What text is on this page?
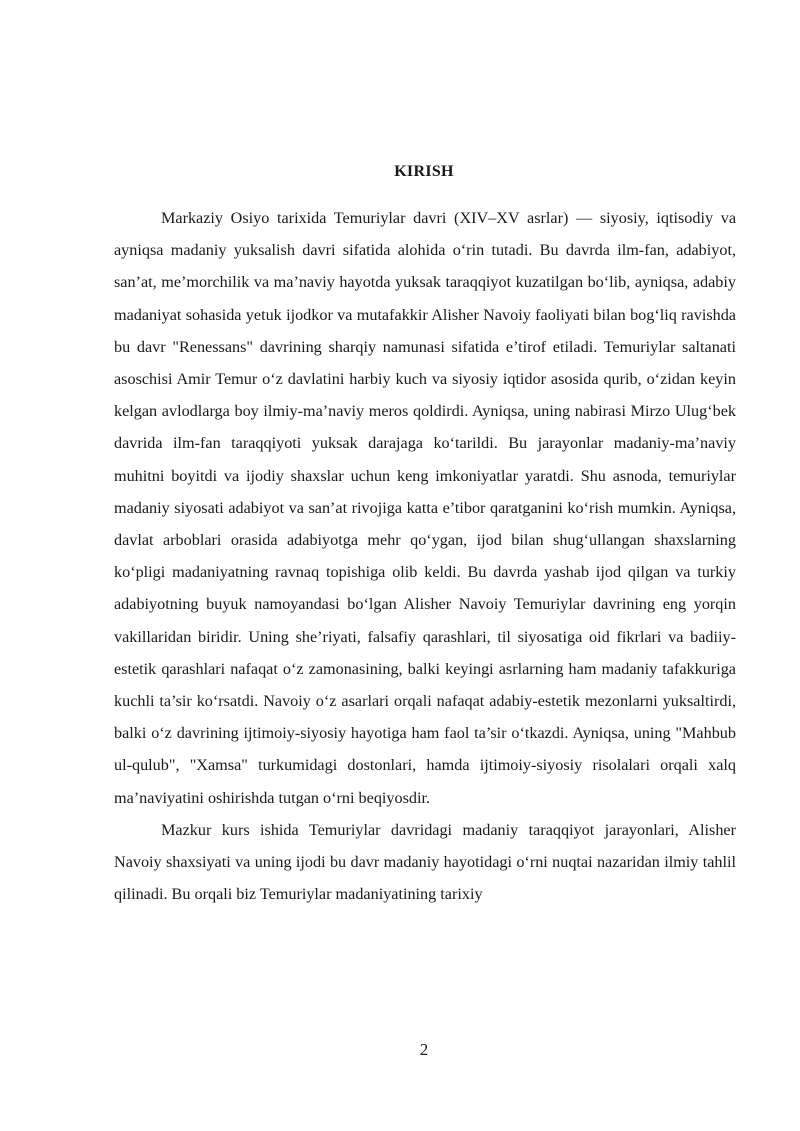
KIRISH

Markaziy Osiyo tarixida Temuriylar davri (XIV–XV asrlar) — siyosiy, iqtisodiy va ayniqsa madaniy yuksalish davri sifatida alohida o‘rin tutadi. Bu davrda ilm-fan, adabiyot, san’at, me’morchilik va ma’naviy hayotda yuksak taraqqiyot kuzatilgan bo‘lib, ayniqsa, adabiy madaniyat sohasida yetuk ijodkor va mutafakkir Alisher Navoiy faoliyati bilan bog‘liq ravishda bu davr "Renessans" davrining sharqiy namunasi sifatida e’tirof etiladi. Temuriylar saltanati asoschisi Amir Temur o‘z davlatini harbiy kuch va siyosiy iqtidor asosida qurib, o‘zidan keyin kelgan avlodlarga boy ilmiy-ma’naviy meros qoldirdi. Ayniqsa, uning nabirasi Mirzo Ulug‘bek davrida ilm-fan taraqqiyoti yuksak darajaga ko‘tarildi. Bu jarayonlar madaniy-ma’naviy muhitni boyitdi va ijodiy shaxslar uchun keng imkoniyatlar yaratdi. Shu asnoda, temuriylar madaniy siyosati adabiyot va san’at rivojiga katta e’tibor qaratganini ko‘rish mumkin. Ayniqsa, davlat arboblari orasida adabiyotga mehr qo‘ygan, ijod bilan shug‘ullangan shaxslarning ko‘pligi madaniyatning ravnaq topishiga olib keldi. Bu davrda yashab ijod qilgan va turkiy adabiyotning buyuk namoyandasi bo‘lgan Alisher Navoiy Temuriylar davrining eng yorqin vakillaridan biridir. Uning she’riyati, falsafiy qarashlari, til siyosatiga oid fikrlari va badiiy-estetik qarashlari nafaqat o‘z zamonasining, balki keyingi asrlarning ham madaniy tafakkuriga kuchli ta’sir ko‘rsatdi. Navoiy o‘z asarlari orqali nafaqat adabiy-estetik mezonlarni yuksaltirdi, balki o‘z davrining ijtimoiy-siyosiy hayotiga ham faol ta’sir o‘tkazdi. Ayniqsa, uning "Mahbub ul-qulub", "Xamsa" turkumidagi dostonlari, hamda ijtimoiy-siyosiy risolalari orqali xalq ma’naviyatini oshirishda tutgan o‘rni beqiyosdir.

Mazkur kurs ishida Temuriylar davridagi madaniy taraqqiyot jarayonlari, Alisher Navoiy shaxsiyati va uning ijodi bu davr madaniy hayotidagi o‘rni nuqtai nazaridan ilmiy tahlil qilinadi. Bu orqali biz Temuriylar madaniyatining tarixiy

2
